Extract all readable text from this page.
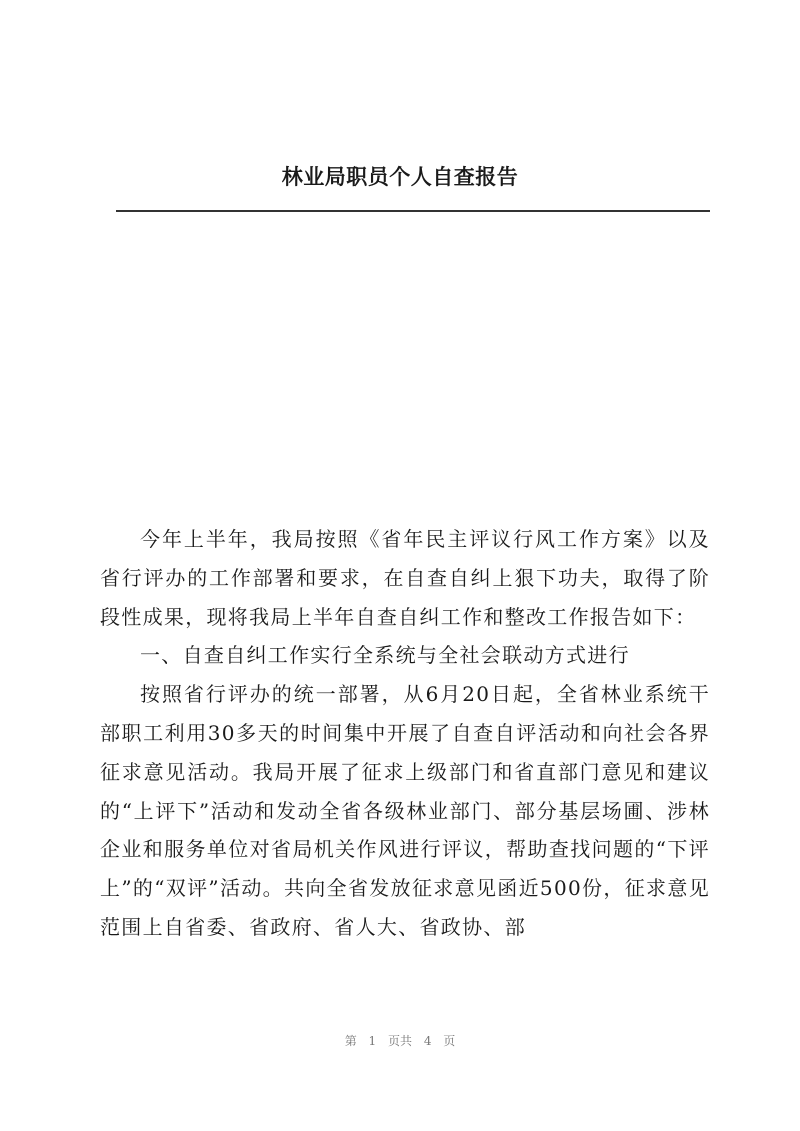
林业局职员个人自查报告

今年上半年，我局按照《省年民主评议行风工作方案》以及省行评办的工作部署和要求，在自查自纠上狠下功夫，取得了阶段性成果，现将我局上半年自查自纠工作和整改工作报告如下：

一、自查自纠工作实行全系统与全社会联动方式进行

按照省行评办的统一部署，从6月20日起，全省林业系统干部职工利用30多天的时间集中开展了自查自评活动和向社会各界征求意见活动。我局开展了征求上级部门和省直部门意见和建议的“上评下”活动和发动全省各级林业部门、部分基层场圃、涉林企业和服务单位对省局机关作风进行评议，帮助查找问题的“下评上”的“双评”活动。共向全省发放征求意见函近500份，征求意见范围上自省委、省政府、省人大、省政协、部

第 1 页共 4 页
